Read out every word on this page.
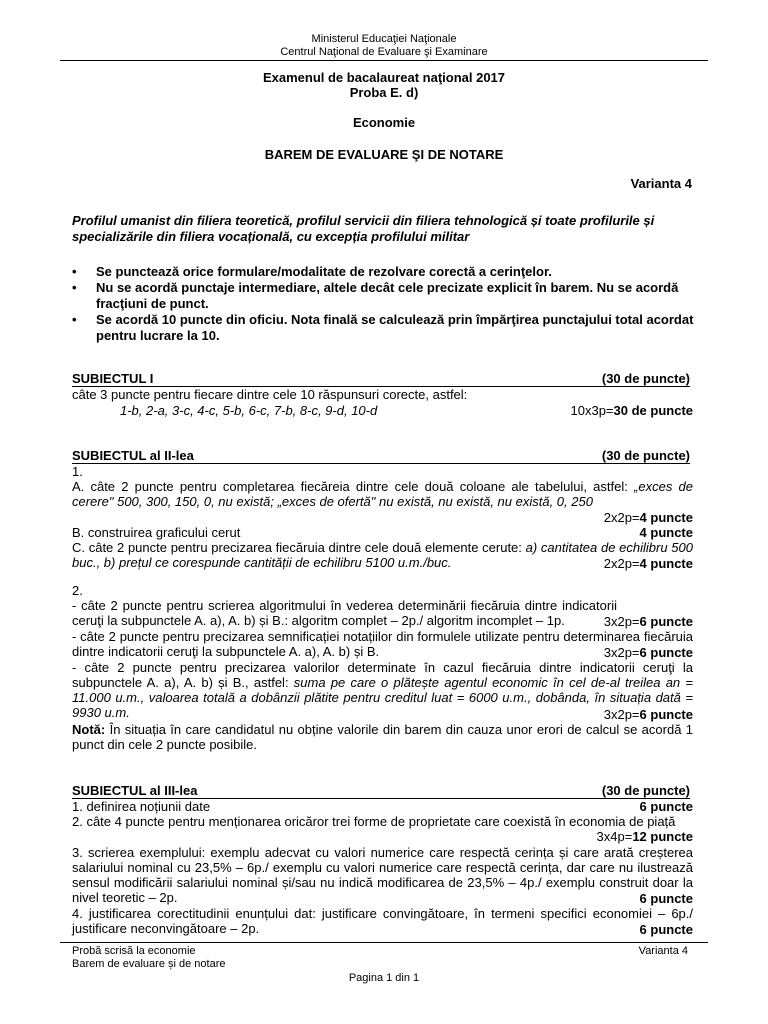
Ministerul Educaţiei Naţionale
Centrul Naţional de Evaluare şi Examinare
Examenul de bacalaureat naţional 2017
Proba E. d)
Economie
BAREM DE EVALUARE ŞI DE NOTARE
Varianta 4
Profilul umanist din filiera teoretică, profilul servicii din filiera tehnologică și toate profilurile și specializările din filiera vocațională, cu excepția profilului militar
• Se punctează orice formulare/modalitate de rezolvare corectă a cerinţelor.
• Nu se acordă punctaje intermediare, altele decât cele precizate explicit în barem. Nu se acordă fracţiuni de punct.
• Se acordă 10 puncte din oficiu. Nota finală se calculează prin împărţirea punctajului total acordat pentru lucrare la 10.
SUBIECTUL I	(30 de puncte)
câte 3 puncte pentru fiecare dintre cele 10 răspunsuri corecte, astfel:
1-b, 2-a, 3-c, 4-c, 5-b, 6-c, 7-b, 8-c, 9-d, 10-d	10x3p=30 de puncte
SUBIECTUL al II-lea	(30 de puncte)
1.
A. câte 2 puncte pentru completarea fiecăreia dintre cele două coloane ale tabelului, astfel: „exces de cerere" 500, 300, 150, 0, nu există; „exces de ofertă" nu există, nu există, nu există, 0, 250
2x2p=4 puncte
B. construirea graficului cerut	4 puncte
C. câte 2 puncte pentru precizarea fiecăruia dintre cele două elemente cerute: a) cantitatea de echilibru 500 buc., b) prețul ce corespunde cantității de echilibru 5100 u.m./buc.	2x2p=4 puncte
2.
- câte 2 puncte pentru scrierea algoritmului în vederea determinării fiecăruia dintre indicatorii ceruţi la subpunctele A. a), A. b) și B.: algoritm complet – 2p./ algoritm incomplet – 1p.	3x2p=6 puncte
- câte 2 puncte pentru precizarea semnificației notațiilor din formulele utilizate pentru determinarea fiecăruia dintre indicatorii ceruţi la subpunctele A. a), A. b) și B.	3x2p=6 puncte
- câte 2 puncte pentru precizarea valorilor determinate în cazul fiecăruia dintre indicatorii ceruţi la subpunctele A. a), A. b) și B., astfel: suma pe care o plătește agentul economic în cel de-al treilea an = 11.000 u.m., valoarea totală a dobânzii plătite pentru creditul luat = 6000 u.m., dobânda, în situația dată = 9930 u.m.	3x2p=6 puncte
Notă: În situația în care candidatul nu obține valorile din barem din cauza unor erori de calcul se acordă 1 punct din cele 2 puncte posibile.
SUBIECTUL al III-lea	(30 de puncte)
1. definirea noțiunii date	6 puncte
2. câte 4 puncte pentru menționarea oricăror trei forme de proprietate care coexistă în economia de piață
3x4p=12 puncte
3. scrierea exemplului: exemplu adecvat cu valori numerice care respectă cerința și care arată creșterea salariului nominal cu 23,5% – 6p./ exemplu cu valori numerice care respectă cerința, dar care nu ilustrează sensul modificării salariului nominal și/sau nu indică modificarea de 23,5% – 4p./ exemplu construit doar la nivel teoretic – 2p.	6 puncte
4. justificarea corectitudinii enunțului dat: justificare convingătoare, în termeni specifici economiei – 6p./ justificare neconvingătoare – 2p.	6 puncte
Probă scrisă la economie
Barem de evaluare și de notare
Varianta 4
Pagina 1 din 1
